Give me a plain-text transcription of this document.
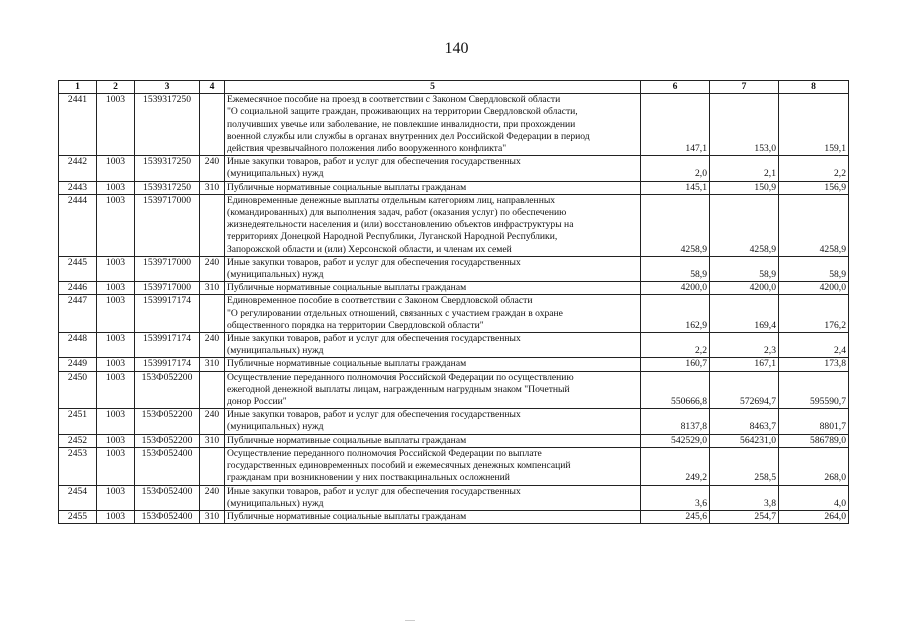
140
1	2	3	4	5	6	7	8
2441	1003	1539317250		Ежемесячное пособие на проезд в соответствии с Законом Свердловской области
"О социальной защите граждан, проживающих на территории Свердловской области,
получивших увечье или заболевание, не повлекшие инвалидности, при прохождении
военной службы или службы в органах внутренних дел Российской Федерации в период
действия чрезвычайного положения либо вооруженного конфликта"	147,1	153,0	159,1
2442	1003	1539317250	240	Иные закупки товаров, работ и услуг для обеспечения государственных
(муниципальных) нужд	2,0	2,1	2,2
2443	1003	1539317250	310	Публичные нормативные социальные выплаты гражданам	145,1	150,9	156,9
2444	1003	1539717000		Единовременные денежные выплаты отдельным категориям лиц, направленных
(командированных) для выполнения задач, работ (оказания услуг) по обеспечению
жизнедеятельности населения и (или) восстановлению объектов инфраструктуры на
территориях Донецкой Народной Республики, Луганской Народной Республики,
Запорожской области и (или) Херсонской области, и членам их семей	4258,9	4258,9	4258,9
2445	1003	1539717000	240	Иные закупки товаров, работ и услуг для обеспечения государственных
(муниципальных) нужд	58,9	58,9	58,9
2446	1003	1539717000	310	Публичные нормативные социальные выплаты гражданам	4200,0	4200,0	4200,0
2447	1003	1539917174		Единовременное пособие в соответствии с Законом Свердловской области
"О регулировании отдельных отношений, связанных с участием граждан в охране
общественного порядка на территории Свердловской области"	162,9	169,4	176,2
2448	1003	1539917174	240	Иные закупки товаров, работ и услуг для обеспечения государственных
(муниципальных) нужд	2,2	2,3	2,4
2449	1003	1539917174	310	Публичные нормативные социальные выплаты гражданам	160,7	167,1	173,8
2450	1003	153Ф052200		Осуществление переданного полномочия Российской Федерации по осуществлению
ежегодной денежной выплаты лицам, награжденным нагрудным знаком "Почетный
донор России"	550666,8	572694,7	595590,7
2451	1003	153Ф052200	240	Иные закупки товаров, работ и услуг для обеспечения государственных
(муниципальных) нужд	8137,8	8463,7	8801,7
2452	1003	153Ф052200	310	Публичные нормативные социальные выплаты гражданам	542529,0	564231,0	586789,0
2453	1003	153Ф052400		Осуществление переданного полномочия Российской Федерации по выплате
государственных единовременных пособий и ежемесячных денежных компенсаций
гражданам при возникновении у них поствакцинальных осложнений	249,2	258,5	268,0
2454	1003	153Ф052400	240	Иные закупки товаров, работ и услуг для обеспечения государственных
(муниципальных) нужд	3,6	3,8	4,0
2455	1003	153Ф052400	310	Публичные нормативные социальные выплаты гражданам	245,6	254,7	264,0
